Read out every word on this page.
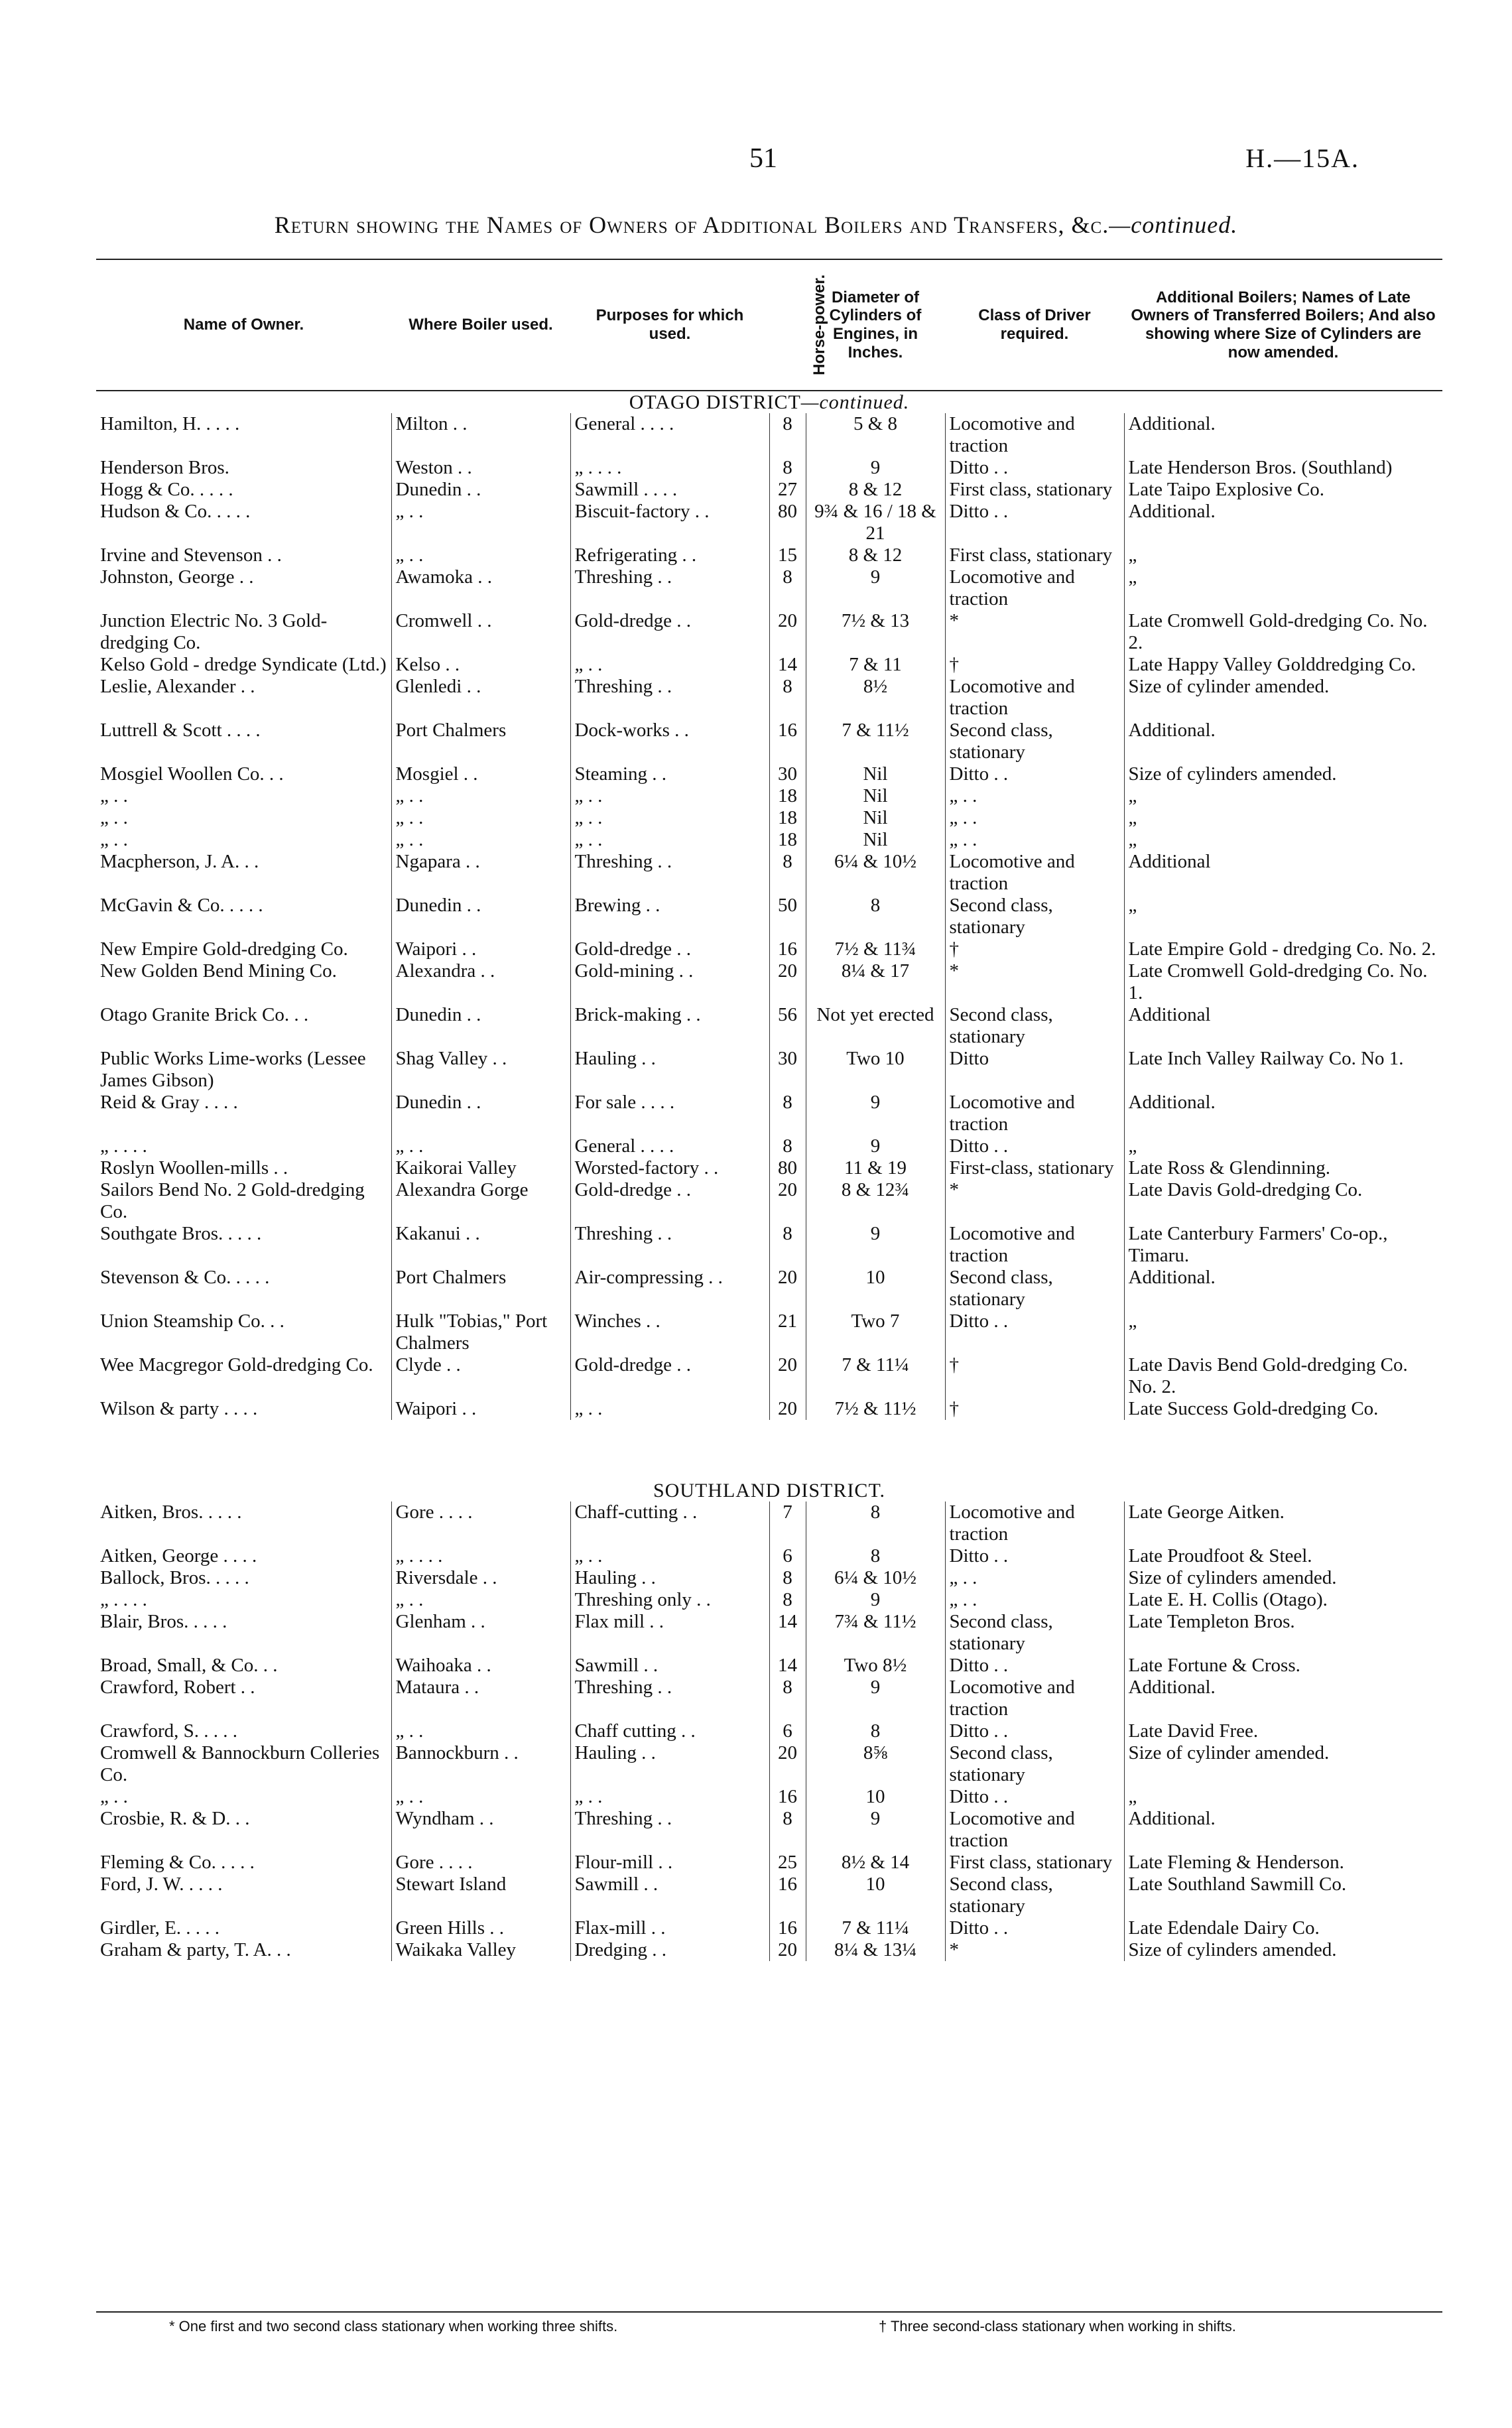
51	H.—15A.
Return showing the Names of Owners of Additional Boilers and Transfers, &c.—continued.
Name of Owner.	Where Boiler used.	Purposes for which used.	Horse-power.	Diameter of Cylinders of Engines, in Inches.	Class of Driver required.	Additional Boilers; Names of Late Owners of Transferred Boilers; And also showing where Size of Cylinders are now amended.
OTAGO DISTRICT—continued.						
Hamilton, H. . . . .	Milton . .	General . . . .	8	5 & 8	Locomotive and traction	Additional.
Henderson Bros.	Weston . .	„ . . . .	8	9	Ditto . .	Late Henderson Bros. (Southland)
Hogg & Co. . . . .	Dunedin . .	Sawmill . . . .	27	8 & 12	First class, stationary	Late Taipo Explosive Co.
Hudson & Co. . . . .	„ . .	Biscuit-factory . .	80	9¾ & 16 / 18 & 21	Ditto . .	Additional.
Irvine and Stevenson . .	„ . .	Refrigerating . .	15	8 & 12	First class, stationary	„
Johnston, George . .	Awamoka . .	Threshing . .	8	9	Locomotive and traction	„
Junction Electric No. 3 Gold-dredging Co.	Cromwell . .	Gold-dredge . .	20	7½ & 13	*	Late Cromwell Gold-dredging Co. No. 2.
Kelso Gold - dredge Syndicate (Ltd.)	Kelso . .	„ . .	14	7 & 11	†	Late Happy Valley Golddredging Co.
Leslie, Alexander . .	Glenledi . .	Threshing . .	8	8½	Locomotive and traction	Size of cylinder amended.
Luttrell & Scott . . . .	Port Chalmers	Dock-works . .	16	7 & 11½	Second class, stationary	Additional.
Mosgiel Woollen Co. . .	Mosgiel . .	Steaming . .	30	Nil	Ditto . .	Size of cylinders amended.
„ . .	„ . .	„ . .	18	Nil	„ . .	„
„ . .	„ . .	„ . .	18	Nil	„ . .	„
„ . .	„ . .	„ . .	18	Nil	„ . .	„
Macpherson, J. A. . .	Ngapara . .	Threshing . .	8	6¼ & 10½	Locomotive and traction	Additional
McGavin & Co. . . . .	Dunedin . .	Brewing . .	50	8	Second class, stationary	„
New Empire Gold-dredging Co.	Waipori . .	Gold-dredge . .	16	7½ & 11¾	†	Late Empire Gold - dredging Co. No. 2.
New Golden Bend Mining Co.	Alexandra . .	Gold-mining . .	20	8¼ & 17	*	Late Cromwell Gold-dredging Co. No. 1.
Otago Granite Brick Co. . .	Dunedin . .	Brick-making . .	56	Not yet erected	Second class, stationary	Additional
Public Works Lime-works (Lessee James Gibson)	Shag Valley . .	Hauling . .	30	Two 10	Ditto	Late Inch Valley Railway Co. No 1.
Reid & Gray . . . .	Dunedin . .	For sale . . . .	8	9	Locomotive and traction	Additional.
„ . . . .	„ . .	General . . . .	8	9	Ditto . .	„
Roslyn Woollen-mills . .	Kaikorai Valley	Worsted-factory . .	80	11 & 19	First-class, stationary	Late Ross & Glendinning.
Sailors Bend No. 2 Gold-dredging Co.	Alexandra Gorge	Gold-dredge . .	20	8 & 12¾	*	Late Davis Gold-dredging Co.
Southgate Bros. . . . .	Kakanui . .	Threshing . .	8	9	Locomotive and traction	Late Canterbury Farmers' Co-op., Timaru.
Stevenson & Co. . . . .	Port Chalmers	Air-compressing . .	20	10	Second class, stationary	Additional.
Union Steamship Co. . .	Hulk "Tobias," Port Chalmers	Winches . .	21	Two 7	Ditto . .	„
Wee Macgregor Gold-dredging Co.	Clyde . .	Gold-dredge . .	20	7 & 11¼	†	Late Davis Bend Gold-dredging Co. No. 2.
Wilson & party . . . .	Waipori . .	„ . .	20	7½ & 11½	†	Late Success Gold-dredging Co.

SOUTHLAND DISTRICT.						
Aitken, Bros. . . . .	Gore . . . .	Chaff-cutting . .	7	8	Locomotive and traction	Late George Aitken.
Aitken, George . . . .	„ . . . .	„ . .	6	8	Ditto . .	Late Proudfoot & Steel.
Ballock, Bros. . . . .	Riversdale . .	Hauling . .	8	6¼ & 10½	„ . .	Size of cylinders amended.
„ . . . .	„ . .	Threshing only . .	8	9	„ . .	Late E. H. Collis (Otago).
Blair, Bros. . . . .	Glenham . .	Flax mill . .	14	7¾ & 11½	Second class, stationary	Late Templeton Bros.
Broad, Small, & Co. . .	Waihoaka . .	Sawmill . .	14	Two 8½	Ditto . .	Late Fortune & Cross.
Crawford, Robert . .	Mataura . .	Threshing . .	8	9	Locomotive and traction	Additional.
Crawford, S. . . . .	„ . .	Chaff cutting . .	6	8	Ditto . .	Late David Free.
Cromwell & Bannockburn Colleries Co.	Bannockburn . .	Hauling . .	20	8⅝	Second class, stationary	Size of cylinder amended.
„ . .	„ . .	„ . .	16	10	Ditto . .	„
Crosbie, R. & D. . .	Wyndham . .	Threshing . .	8	9	Locomotive and traction	Additional.
Fleming & Co. . . . .	Gore . . . .	Flour-mill . .	25	8½ & 14	First class, stationary	Late Fleming & Henderson.
Ford, J. W. . . . .	Stewart Island	Sawmill . .	16	10	Second class, stationary	Late Southland Sawmill Co.
Girdler, E. . . . .	Green Hills . .	Flax-mill . .	16	7 & 11¼	Ditto . .	Late Edendale Dairy Co.
Graham & party, T. A. . .	Waikaka Valley	Dredging . .	20	8¼ & 13¼	*	Size of cylinders amended.
* One first and two second class stationary when working three shifts.	† Three second-class stationary when working in shifts.
